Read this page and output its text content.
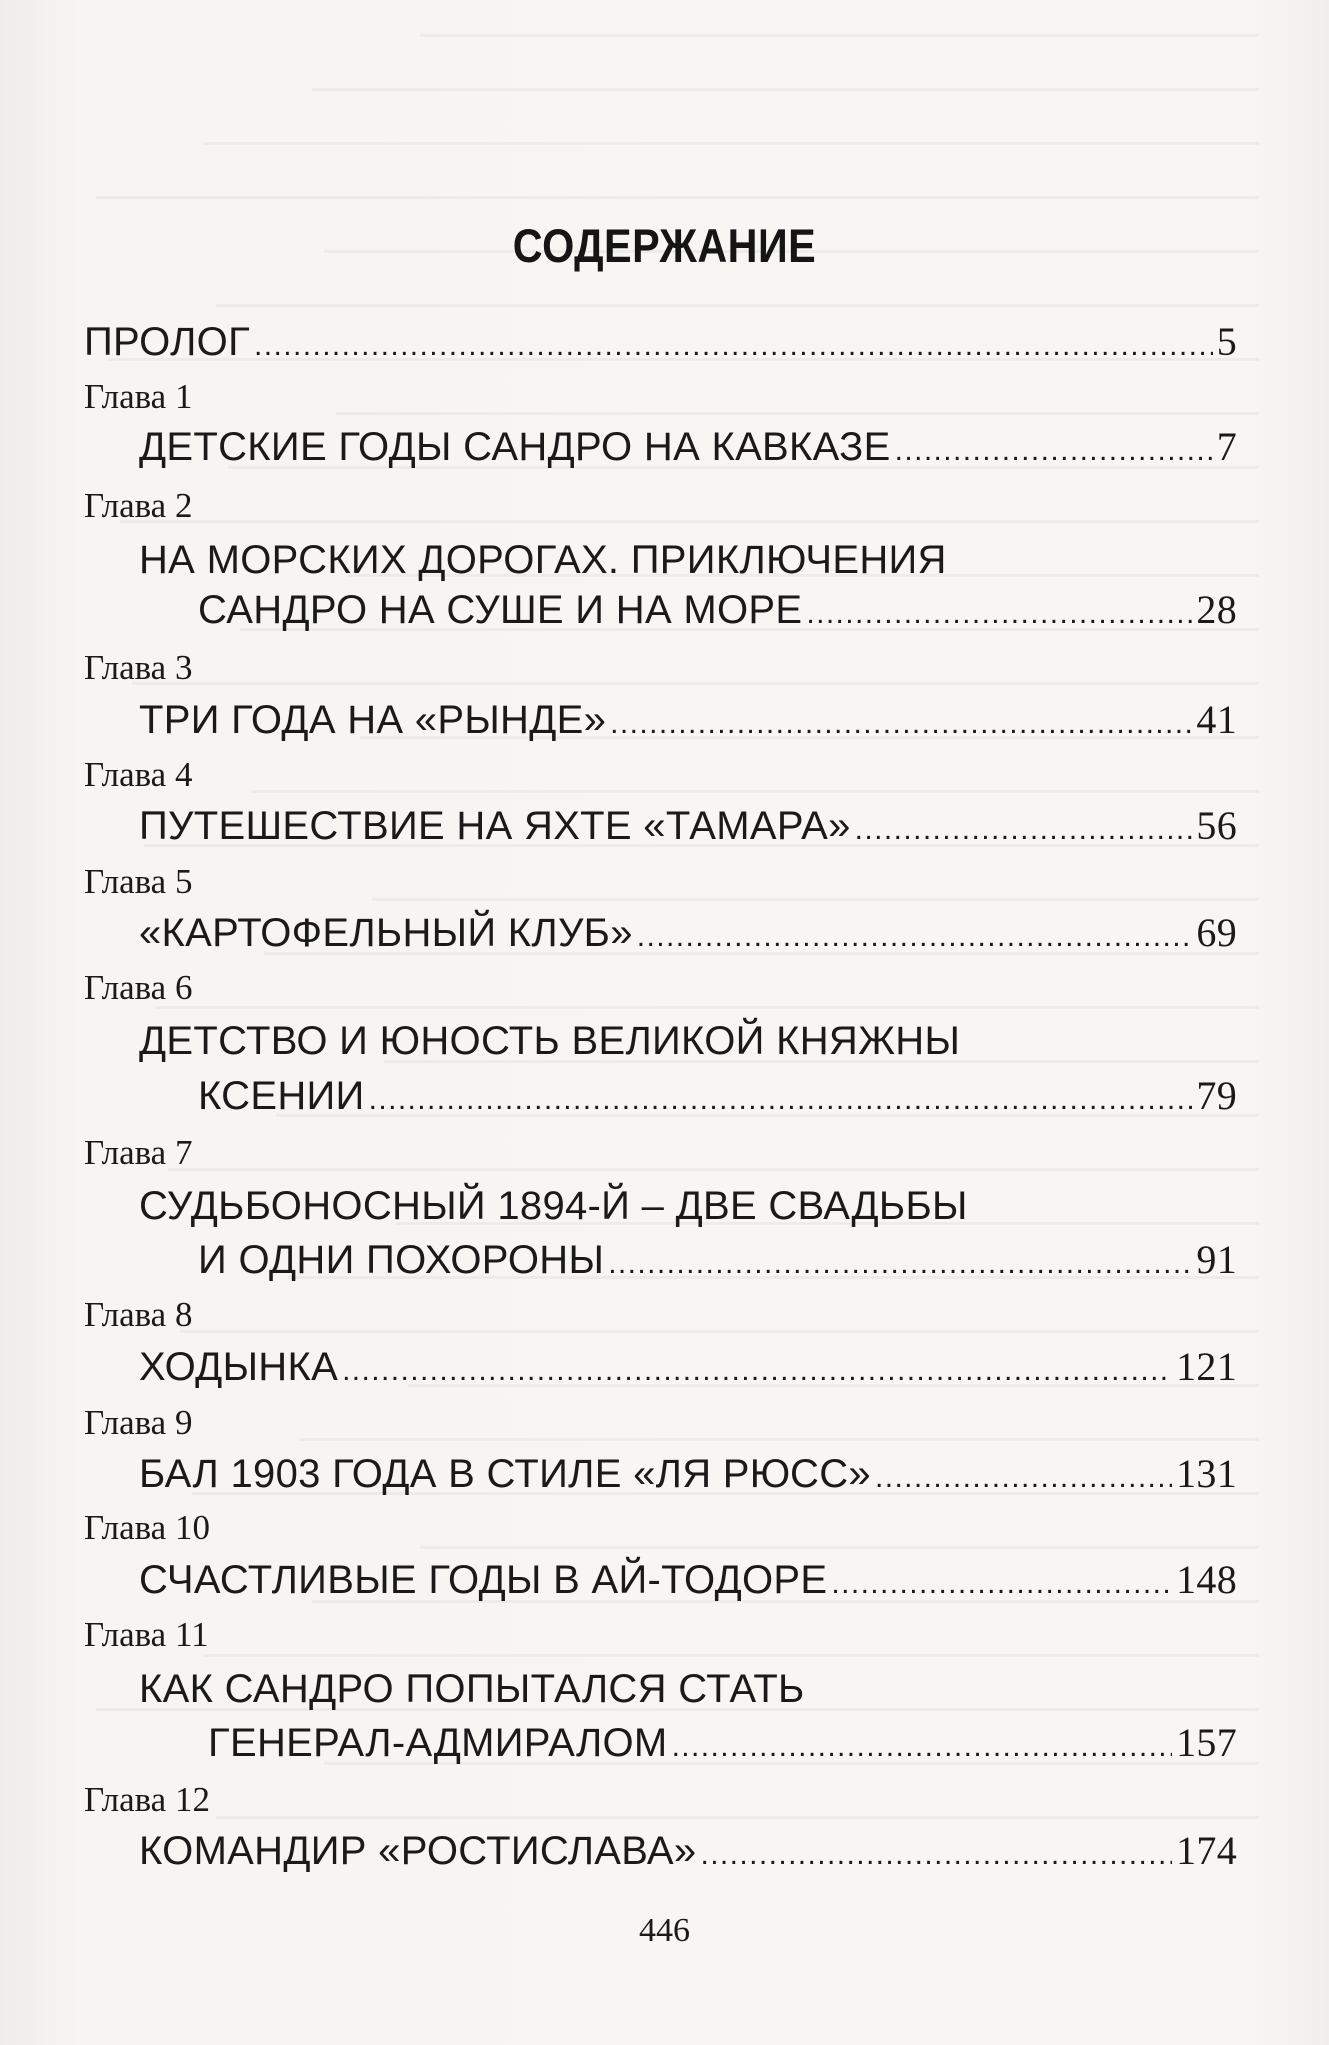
СОДЕРЖАНИЕ
ПРОЛОГ .....	5
Глава 1
ДЕТСКИЕ ГОДЫ САНДРО НА КАВКАЗЕ .....	7
Глава 2
НА МОРСКИХ ДОРОГАХ. ПРИКЛЮЧЕНИЯ
САНДРО НА СУШЕ И НА МОРЕ .....	28
Глава 3
ТРИ ГОДА НА «РЫНДЕ» .....	41
Глава 4
ПУТЕШЕСТВИЕ НА ЯХТЕ «ТАМАРА» .....	56
Глава 5
«КАРТОФЕЛЬНЫЙ КЛУБ» .....	69
Глава 6
ДЕТСТВО И ЮНОСТЬ ВЕЛИКОЙ КНЯЖНЫ
КСЕНИИ .....	79
Глава 7
СУДЬБОНОСНЫЙ 1894-Й – ДВЕ СВАДЬБЫ
И ОДНИ ПОХОРОНЫ .....	91
Глава 8
ХОДЫНКА .....	121
Глава 9
БАЛ 1903 ГОДА В СТИЛЕ «ЛЯ РЮСС» .....	131
Глава 10
СЧАСТЛИВЫЕ ГОДЫ В АЙ-ТОДОРЕ .....	148
Глава 11
КАК САНДРО ПОПЫТАЛСЯ СТАТЬ
ГЕНЕРАЛ-АДМИРАЛОМ .....	157
Глава 12
КОМАНДИР «РОСТИСЛАВА» .....	174
446
